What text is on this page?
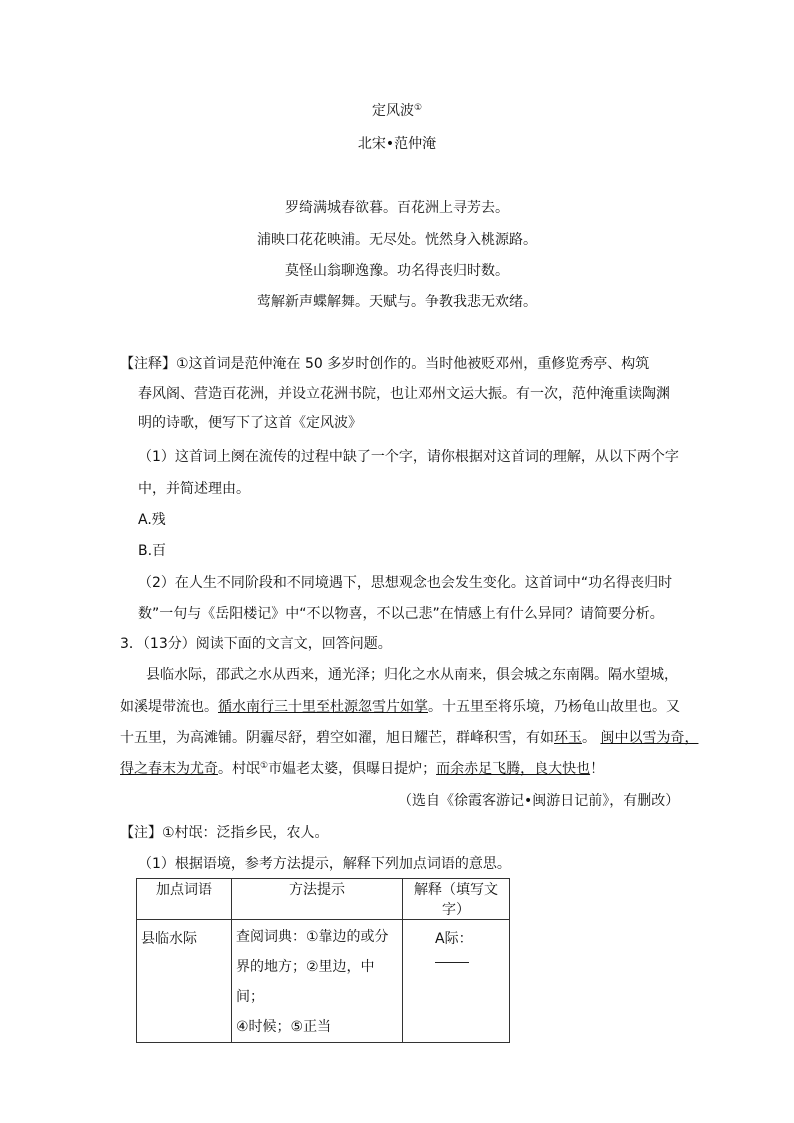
定风波①
北宋•范仲淹
罗绮满城春欲暮。百花洲上寻芳去。
浦映口花花映浦。无尽处。恍然身入桃源路。
莫怪山翁聊逸豫。功名得丧归时数。
莺解新声蝶解舞。天赋与。争教我悲无欢绪。
【注释】①这首词是范仲淹在 50 多岁时创作的。当时他被贬邓州，重修览秀亭、构筑
春风阁、营造百花洲，并设立花洲书院，也让邓州文运大振。有一次，范仲淹重读陶渊
明的诗歌，便写下了这首《定风波》
（1）这首词上阕在流传的过程中缺了一个字，请你根据对这首词的理解，从以下两个字
中，并简述理由。
A.残
B.百
（2）在人生不同阶段和不同境遇下，思想观念也会发生变化。这首词中“功名得丧归时
数”一句与《岳阳楼记》中“不以物喜，不以己悲”在情感上有什么异同？请简要分析。
3．（13分）阅读下面的文言文，回答问题。
县临水际，邵武之水从西来，通光泽；归化之水从南来，俱会城之东南隅。隔水望城，
如溪堤带流也。循水南行三十里至杜源忽雪片如掌。十五里至将乐境，乃杨龟山故里也。又
十五里，为高滩铺。阴霾尽舒，碧空如濯，旭日耀芒，群峰积雪，有如环玉。 闽中以雪为奇，
得之春末为尤奇。村氓①市媪老太婆，俱曝日提炉；而余赤足飞腾，良大快也！
（选自《徐霞客游记•闽游日记前》，有删改）
【注】①村氓：泛指乡民，农人。
（1）根据语境，参考方法提示，解释下列加点词语的意思。
加点词语	方法提示	解释（填写文字）
县临水际	查阅词典：①靠边的或分
界的地方；②里边，中间；
④时候；⑤正当	A际：
